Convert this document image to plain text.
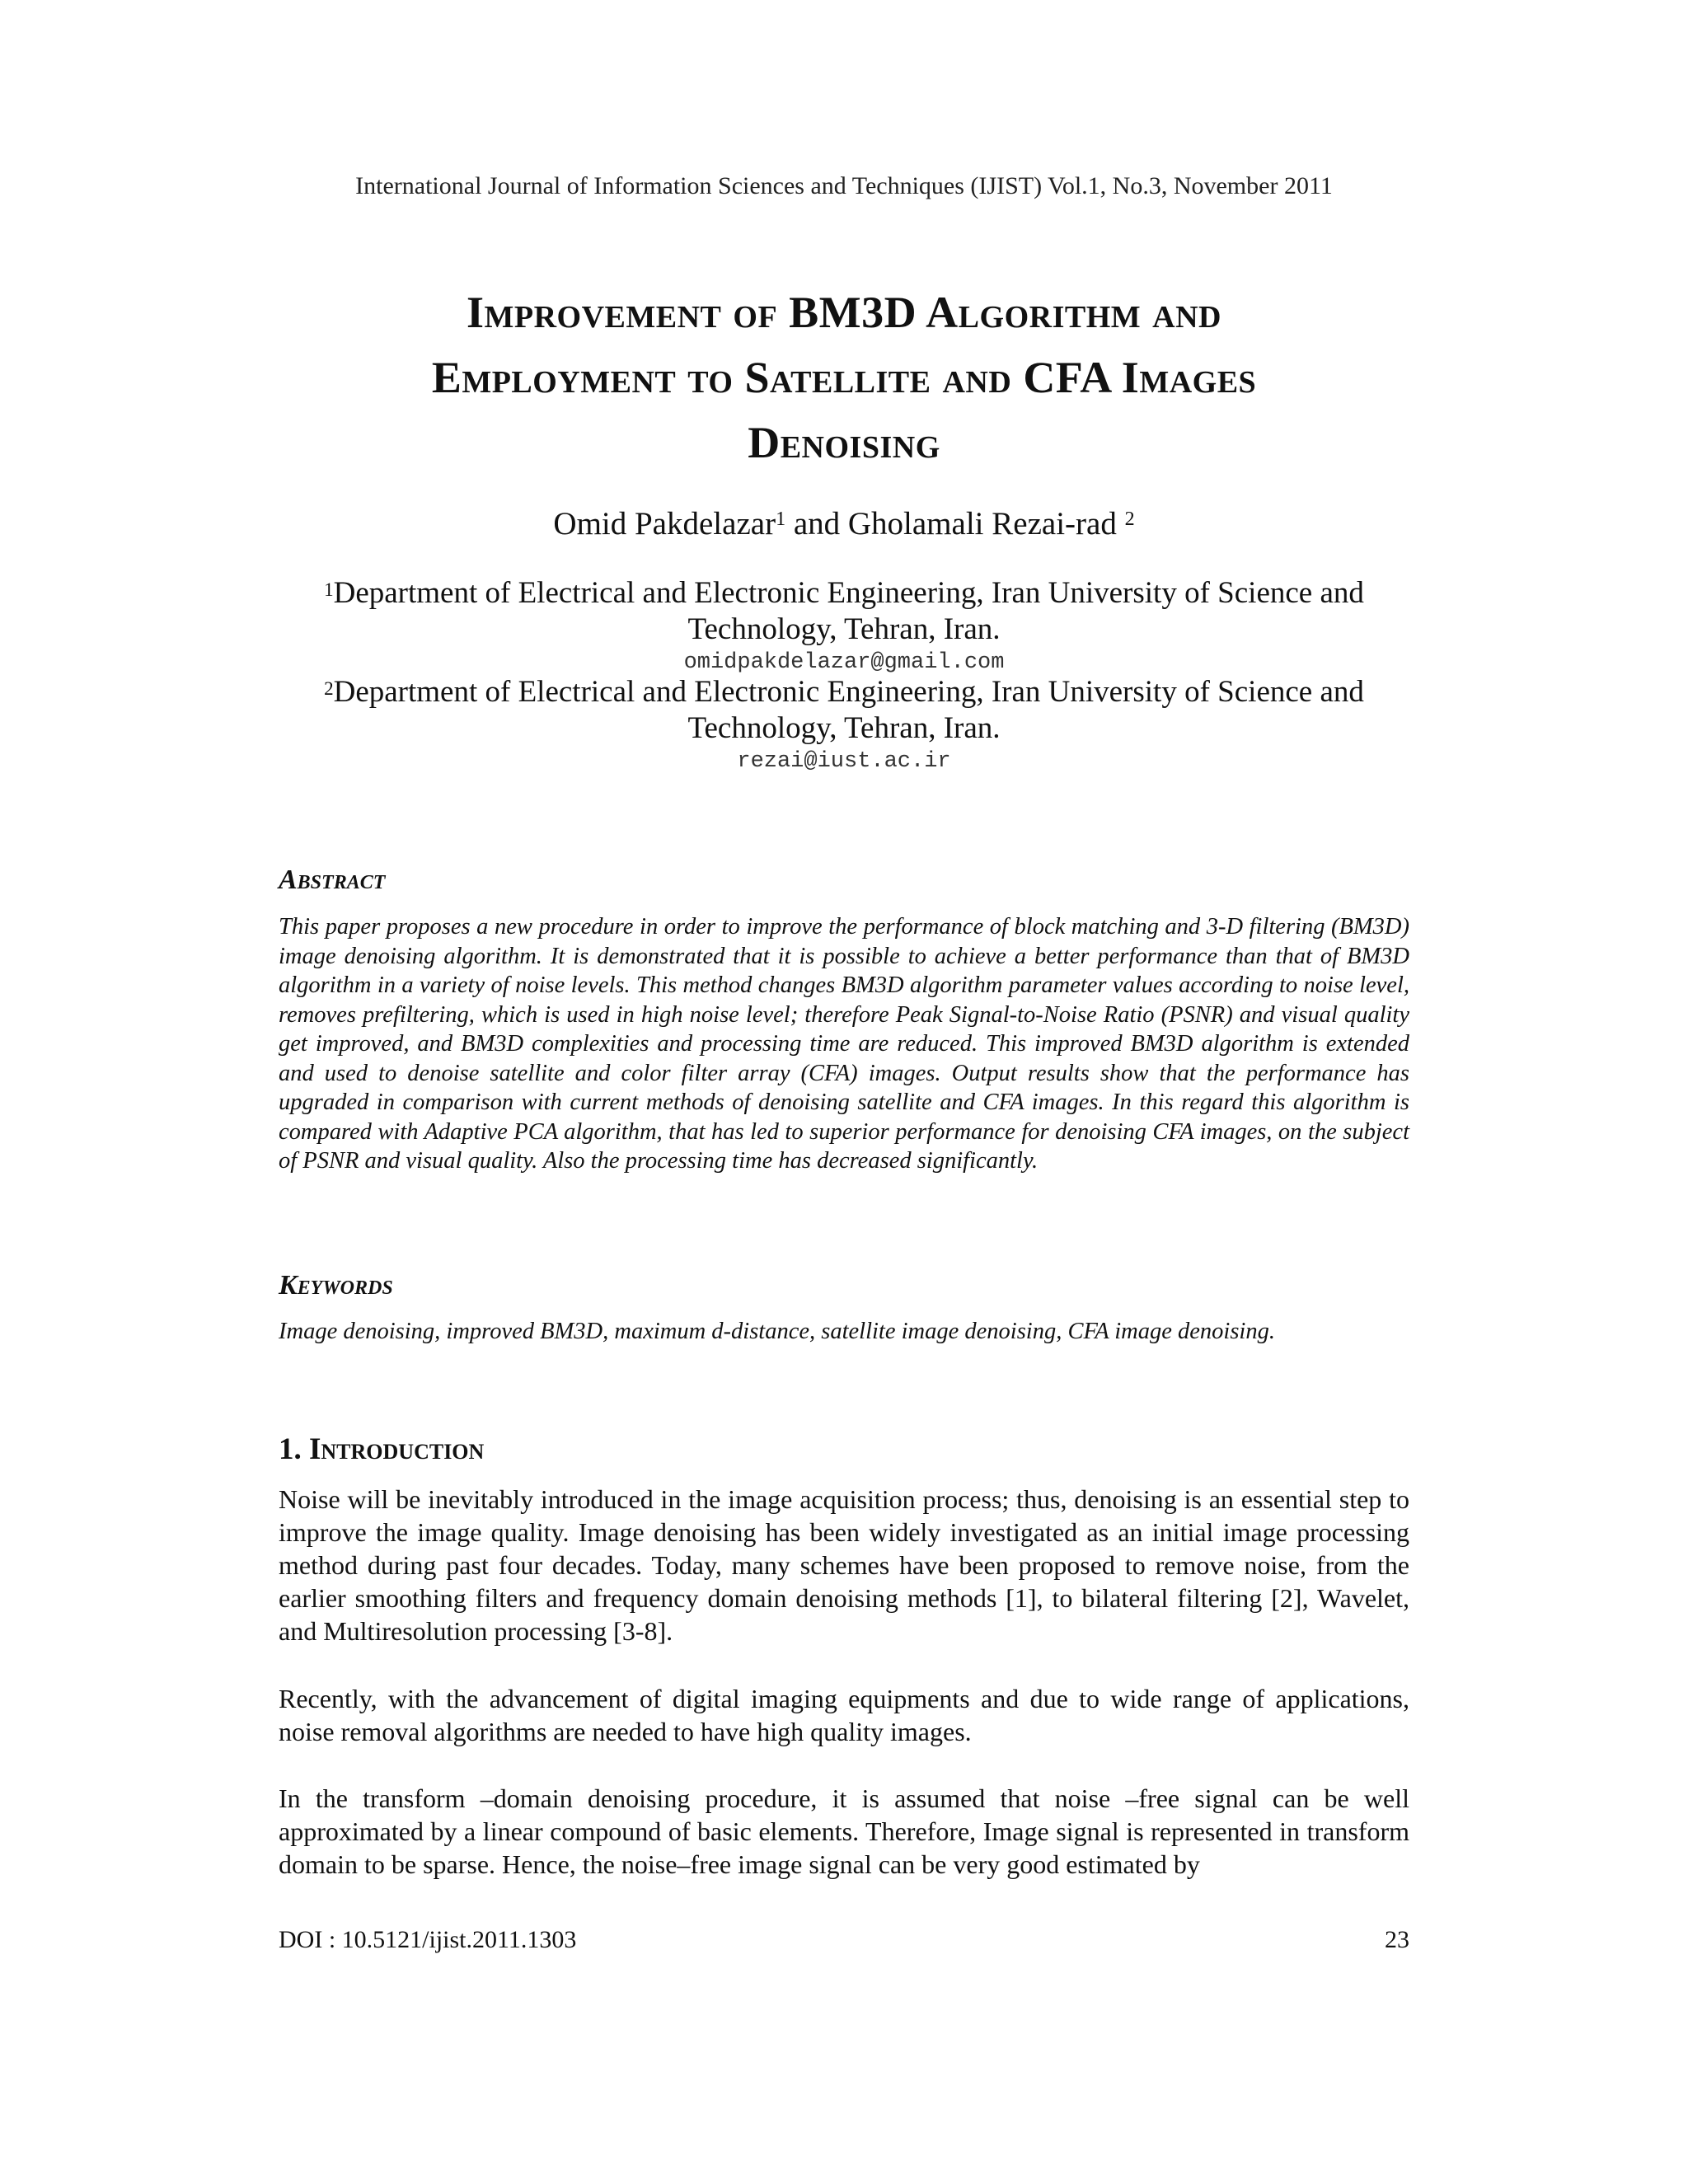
International Journal of Information Sciences and Techniques (IJIST) Vol.1, No.3, November 2011
Improvement of BM3D Algorithm and
Employment to Satellite and CFA Images
Denoising
Omid Pakdelazar$^1$ and Gholamali Rezai-rad $^2$
$^1$Department of Electrical and Electronic Engineering, Iran University of Science and
Technology, Tehran, Iran.
omidpakdelazar@gmail.com
$^2$Department of Electrical and Electronic Engineering, Iran University of Science and
Technology, Tehran, Iran.
rezai@iust.ac.ir
Abstract
This paper proposes a new procedure in order to improve the performance of block matching and 3-D filtering (BM3D) image denoising algorithm. It is demonstrated that it is possible to achieve a better performance than that of BM3D algorithm in a variety of noise levels. This method changes BM3D algorithm parameter values according to noise level, removes prefiltering, which is used in high noise level; therefore Peak Signal-to-Noise Ratio (PSNR) and visual quality get improved, and BM3D complexities and processing time are reduced. This improved BM3D algorithm is extended and used to denoise satellite and color filter array (CFA) images. Output results show that the performance has upgraded in comparison with current methods of denoising satellite and CFA images. In this regard this algorithm is compared with Adaptive PCA algorithm, that has led to superior performance for denoising CFA images, on the subject of PSNR and visual quality. Also the processing time has decreased significantly.
Keywords
Image denoising, improved BM3D, maximum d-distance, satellite image denoising, CFA image denoising.
1. Introduction

Noise will be inevitably introduced in the image acquisition process; thus, denoising is an essential step to improve the image quality. Image denoising has been widely investigated as an initial image processing method during past four decades. Today, many schemes have been proposed to remove noise, from the earlier smoothing filters and frequency domain denoising methods [1], to bilateral filtering [2], Wavelet, and Multiresolution processing [3-8].

Recently, with the advancement of digital imaging equipments and due to wide range of applications, noise removal algorithms are needed to have high quality images.

In the transform –domain denoising procedure, it is assumed that noise –free signal can be well approximated by a linear compound of basic elements. Therefore, Image signal is represented in transform domain to be sparse. Hence, the noise–free image signal can be very good estimated by

DOI : 10.5121/ijist.2011.1303	23
